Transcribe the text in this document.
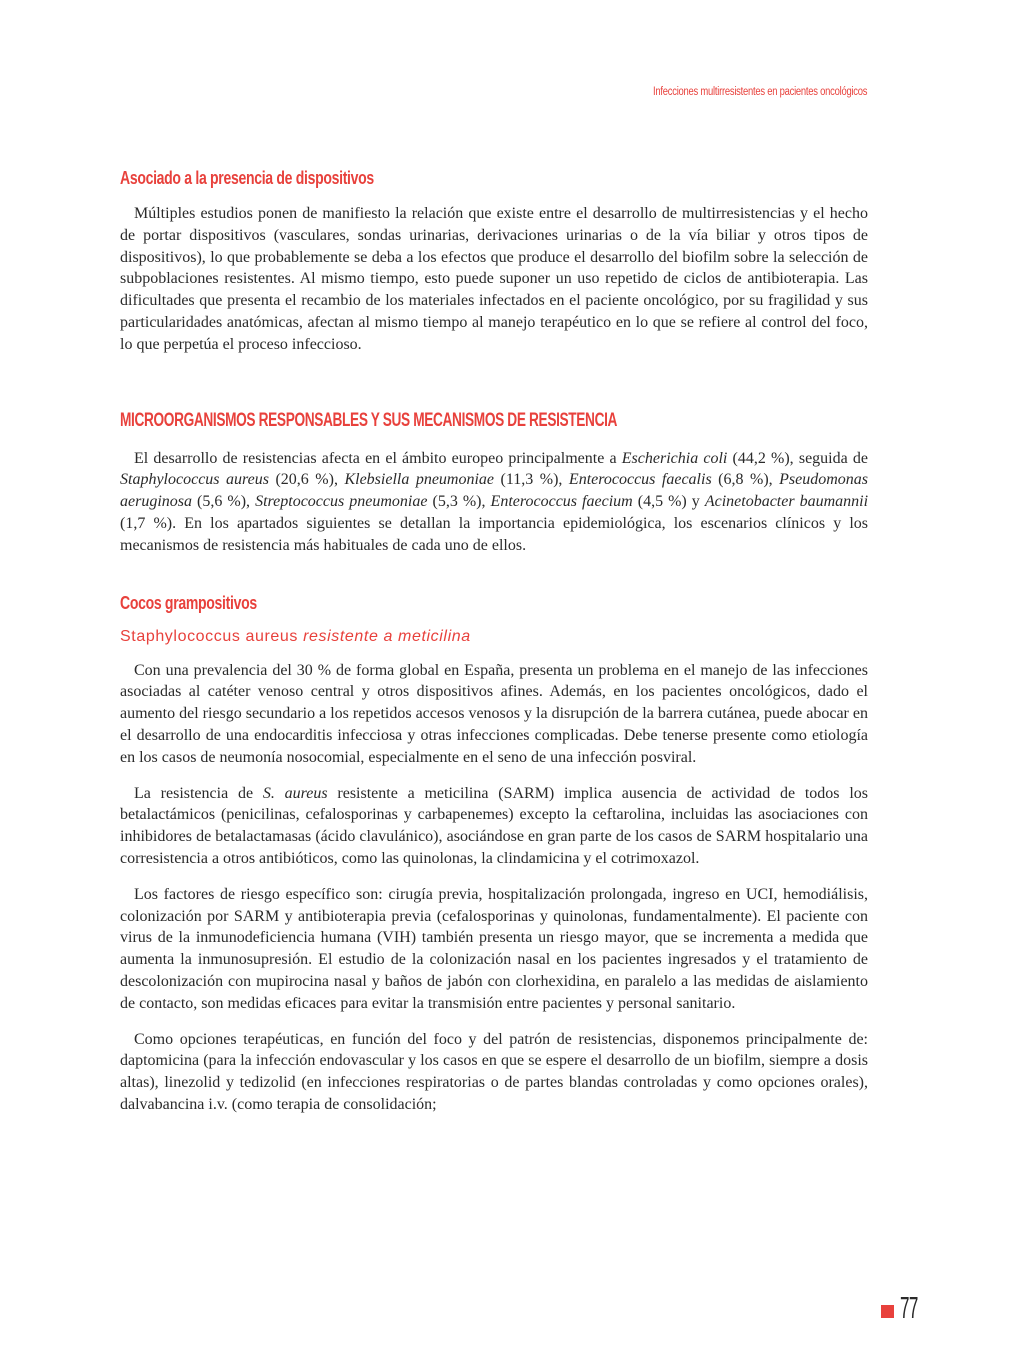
Infecciones multirresistentes en pacientes oncológicos
Asociado a la presencia de dispositivos

Múltiples estudios ponen de manifiesto la relación que existe entre el desarrollo de multirresistencias y el hecho de portar dispositivos (vasculares, sondas urinarias, derivaciones urinarias o de la vía biliar y otros tipos de dispositivos), lo que probablemente se deba a los efectos que produce el desarrollo del biofilm sobre la selección de subpoblaciones resistentes. Al mismo tiempo, esto puede suponer un uso repetido de ciclos de antibioterapia. Las dificultades que presenta el recambio de los materiales infectados en el paciente oncológico, por su fragilidad y sus particularidades anatómicas, afectan al mismo tiempo al manejo terapéutico en lo que se refiere al control del foco, lo que perpetúa el proceso infeccioso.

MICROORGANISMOS RESPONSABLES Y SUS MECANISMOS DE RESISTENCIA

El desarrollo de resistencias afecta en el ámbito europeo principalmente a Escherichia coli (44,2 %), seguida de Staphylococcus aureus (20,6 %), Klebsiella pneumoniae (11,3 %), Enterococcus faecalis (6,8 %), Pseudomonas aeruginosa (5,6 %), Streptococcus pneumoniae (5,3 %), Enterococcus faecium (4,5 %) y Acinetobacter baumannii (1,7 %). En los apartados siguientes se detallan la importancia epidemiológica, los escenarios clínicos y los mecanismos de resistencia más habituales de cada uno de ellos.

Cocos grampositivos
Staphylococcus aureus resistente a meticilina

Con una prevalencia del 30 % de forma global en España, presenta un problema en el manejo de las infecciones asociadas al catéter venoso central y otros dispositivos afines. Además, en los pacientes oncológicos, dado el aumento del riesgo secundario a los repetidos accesos venosos y la disrupción de la barrera cutánea, puede abocar en el desarrollo de una endocarditis infecciosa y otras infecciones complicadas. Debe tenerse presente como etiología en los casos de neumonía nosocomial, especialmente en el seno de una infección posviral.

La resistencia de S. aureus resistente a meticilina (SARM) implica ausencia de actividad de todos los betalactámicos (penicilinas, cefalosporinas y carbapenemes) excepto la ceftarolina, incluidas las asociaciones con inhibidores de betalactamasas (ácido clavulánico), asociándose en gran parte de los casos de SARM hospitalario una corresistencia a otros antibióticos, como las quinolonas, la clindamicina y el cotrimoxazol.

Los factores de riesgo específico son: cirugía previa, hospitalización prolongada, ingreso en UCI, hemodiálisis, colonización por SARM y antibioterapia previa (cefalosporinas y quinolonas, fundamentalmente). El paciente con virus de la inmunodeficiencia humana (VIH) también presenta un riesgo mayor, que se incrementa a medida que aumenta la inmunosupresión. El estudio de la colonización nasal en los pacientes ingresados y el tratamiento de descolonización con mupirocina nasal y baños de jabón con clorhexidina, en paralelo a las medidas de aislamiento de contacto, son medidas eficaces para evitar la transmisión entre pacientes y personal sanitario.

Como opciones terapéuticas, en función del foco y del patrón de resistencias, disponemos principalmente de: daptomicina (para la infección endovascular y los casos en que se espere el desarrollo de un biofilm, siempre a dosis altas), linezolid y tedizolid (en infecciones respiratorias o de partes blandas controladas y como opciones orales), dalvabancina i.v. (como terapia de consolidación;

77
